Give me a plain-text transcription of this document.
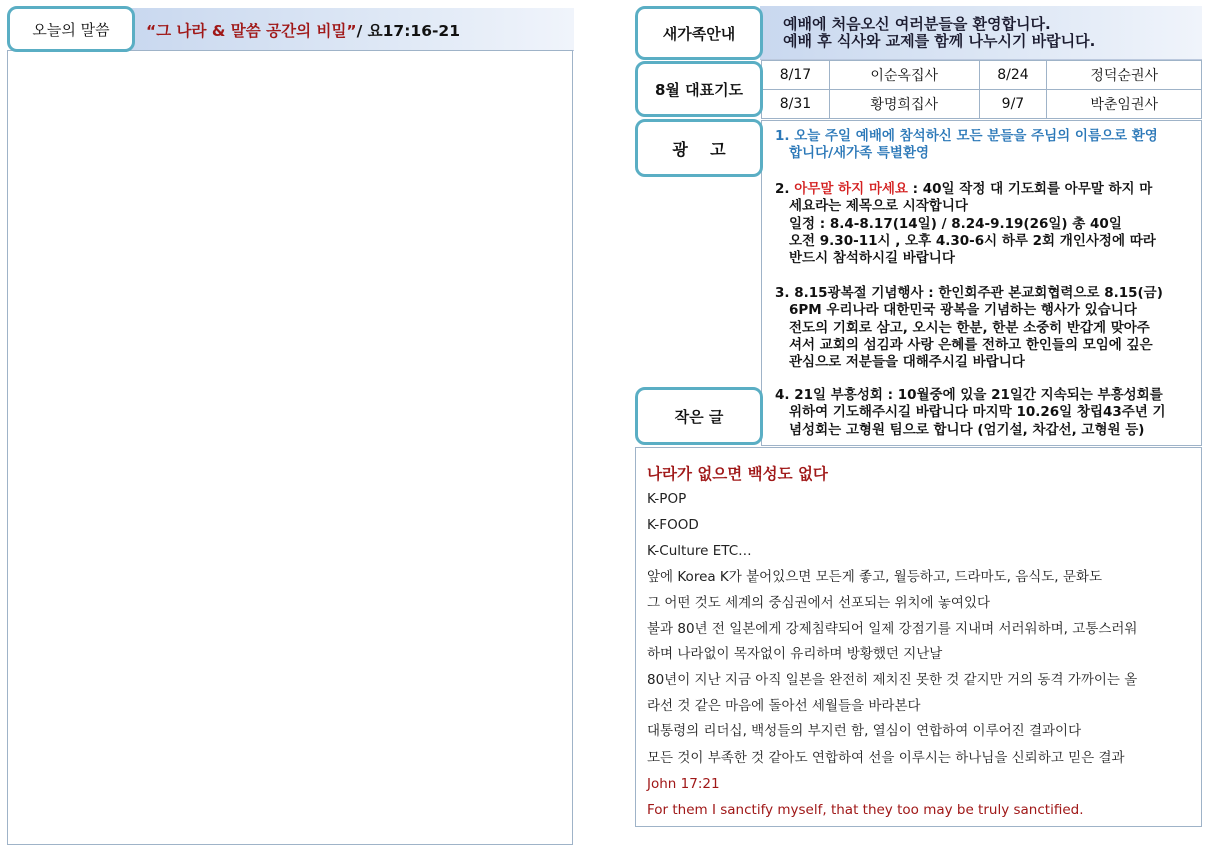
오늘의 말씀 “그 나라 & 말씀 공간의 비밀”/ 요17:16-21	새가족안내
예배에 처음오신 여러분들을 환영합니다.
예배 후 식사와 교제를 함께 나누시기 바랍니다.
8월 대표기도
8/17	이순옥집사	8/24	정덕순권사
8/31	황명희집사	9/7	박춘임권사
광    고
1. 오늘 주일 예배에 참석하신 모든 분들을 주님의 이름으로 환영
합니다/새가족 특별환영
2. 아무말 하지 마세요 : 40일 작정 대 기도회를 아무말 하지 마
세요라는 제목으로 시작합니다
일정 : 8.4-8.17(14일) / 8.24-9.19(26일) 총 40일
오전 9.30-11시 , 오후 4.30-6시 하루 2회 개인사정에 따라
반드시 참석하시길 바랍니다
3. 8.15광복절 기념행사 : 한인회주관 본교회협력으로 8.15(금)
6PM 우리나라 대한민국 광복을 기념하는 행사가 있습니다
전도의 기회로 삼고, 오시는 한분, 한분 소중히 반갑게 맞아주
셔서 교회의 섬김과 사랑 은혜를 전하고 한인들의 모임에 깊은
관심으로 저분들을 대해주시길 바랍니다
4. 21일 부흥성회 : 10월중에 있을 21일간 지속되는 부흥성회를
위하여 기도해주시길 바랍니다 마지막 10.26일 창립43주년 기
념성회는 고형원 팀으로 합니다 (엄기설, 차갑선, 고형원 등)
작은 글
나라가 없으면 백성도 없다
K-POP
K-FOOD
K-Culture ETC…
앞에 Korea K가 붙어있으면 모든게 좋고, 월등하고, 드라마도, 음식도, 문화도
그 어떤 것도 세계의 중심권에서 선포되는 위치에 놓여있다
불과 80년 전 일본에게 강제침략되어 일제 강점기를 지내며 서러워하며, 고통스러워
하며 나라없이 목자없이 유리하며 방황했던 지난날
80년이 지난 지금 아직 일본을 완전히 제치진 못한 것 같지만 거의 동격 가까이는 올
라선 것 같은 마음에 돌아선 세월들을 바라본다
대통령의 리더십, 백성들의 부지런 함, 열심이 연합하여 이루어진 결과이다
모든 것이 부족한 것 같아도 연합하여 선을 이루시는 하나님을 신뢰하고 믿은 결과
John 17:21
For them I sanctify myself, that they too may be truly sanctified.
